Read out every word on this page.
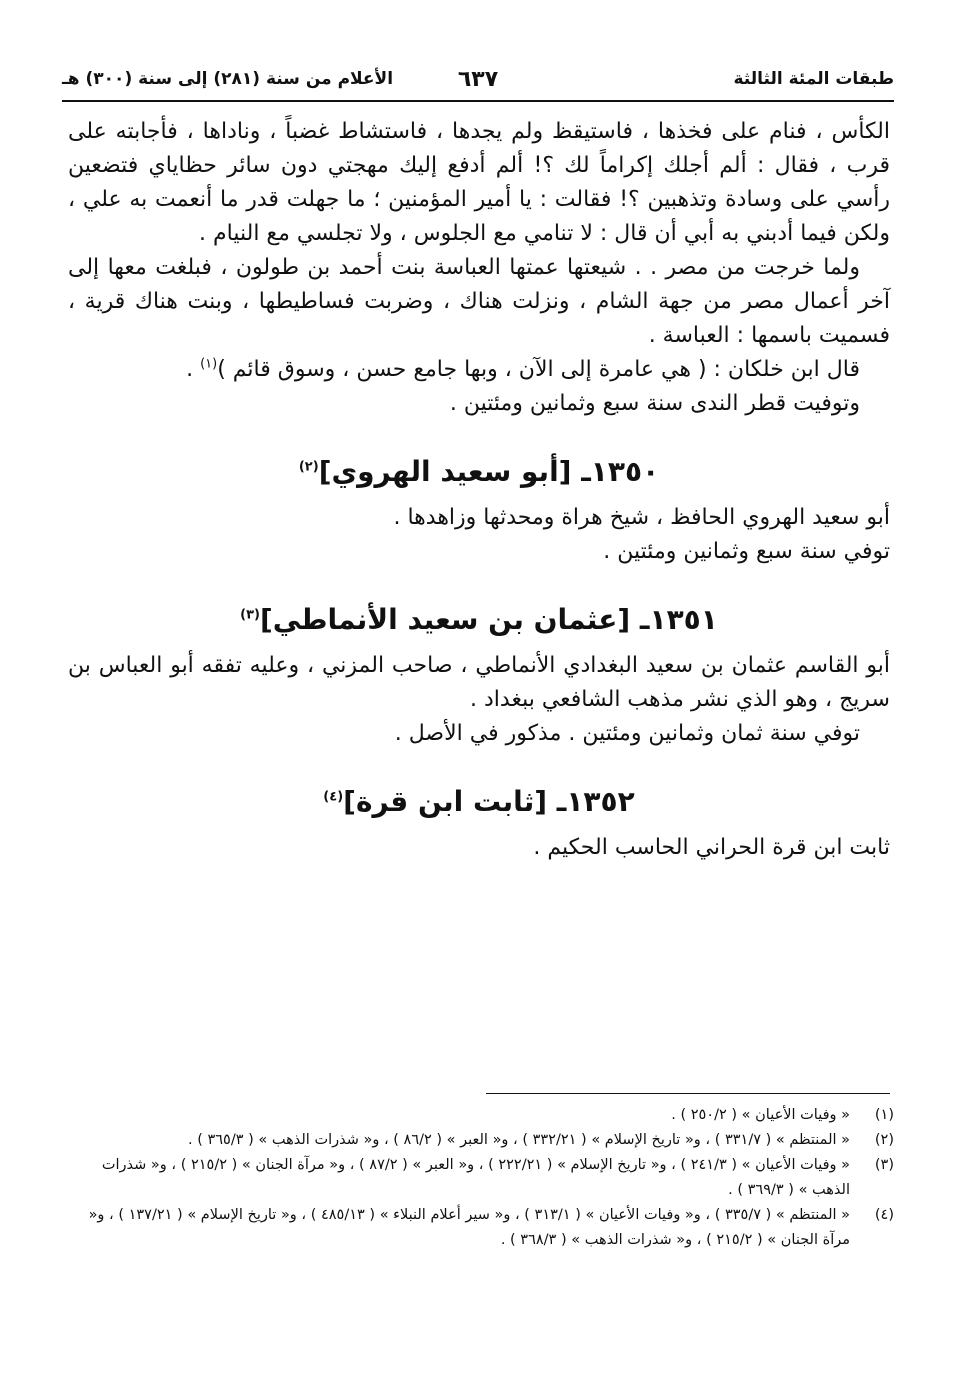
طبقات المئة الثالثة
٦٣٧
الأعلام من سنة (٢٨١) إلى سنة (٣٠٠) هـ

الكأس ، فنام على فخذها ، فاستيقظ ولم يجدها ، فاستشاط غضباً ، وناداها ، فأجابته على قرب ، فقال : ألم أجلك إكراماً لك ؟! ألم أدفع إليك مهجتي دون سائر حظاياي فتضعين رأسي على وسادة وتذهبين ؟! فقالت : يا أمير المؤمنين ؛ ما جهلت قدر ما أنعمت به علي ، ولكن فيما أدبني به أبي أن قال : لا تنامي مع الجلوس ، ولا تجلسي مع النيام .

ولما خرجت من مصر . . شيعتها عمتها العباسة بنت أحمد بن طولون ، فبلغت معها إلى آخر أعمال مصر من جهة الشام ، ونزلت هناك ، وضربت فساطيطها ، وبنت هناك قرية ، فسميت باسمها : العباسة .

قال ابن خلكان : ( هي عامرة إلى الآن ، وبها جامع حسن ، وسوق قائم )$^{(١)}$ .

وتوفيت قطر الندى سنة سبع وثمانين ومئتين .

١٣٥٠ـ [أبو سعيد الهروي]$^{(٢)}$

أبو سعيد الهروي الحافظ ، شيخ هراة ومحدثها وزاهدها .

توفي سنة سبع وثمانين ومئتين .

١٣٥١ـ [عثمان بن سعيد الأنماطي]$^{(٣)}$

أبو القاسم عثمان بن سعيد البغدادي الأنماطي ، صاحب المزني ، وعليه تفقه أبو العباس بن سريج ، وهو الذي نشر مذهب الشافعي ببغداد .

توفي سنة ثمان وثمانين ومئتين . مذكور في الأصل .

١٣٥٢ـ [ثابت ابن قرة]$^{(٤)}$

ثابت ابن قرة الحراني الحاسب الحكيم .

(١)
« وفيات الأعيان » ( ٢٥٠/٢ ) .
(٢)
« المنتظم » ( ٣٣١/٧ ) ، و« تاريخ الإسلام » ( ٣٣٢/٢١ ) ، و« العبر » ( ٨٦/٢ ) ، و« شذرات الذهب » ( ٣٦٥/٣ ) .
(٣)
« وفيات الأعيان » ( ٢٤١/٣ ) ، و« تاريخ الإسلام » ( ٢٢٢/٢١ ) ، و« العبر » ( ٨٧/٢ ) ، و« مرآة الجنان » ( ٢١٥/٢ ) ، و« شذرات الذهب » ( ٣٦٩/٣ ) .
(٤)
« المنتظم » ( ٣٣٥/٧ ) ، و« وفيات الأعيان » ( ٣١٣/١ ) ، و« سير أعلام النبلاء » ( ٤٨٥/١٣ ) ، و« تاريخ الإسلام » ( ١٣٧/٢١ ) ، و« مرآة الجنان » ( ٢١٥/٢ ) ، و« شذرات الذهب » ( ٣٦٨/٣ ) .
